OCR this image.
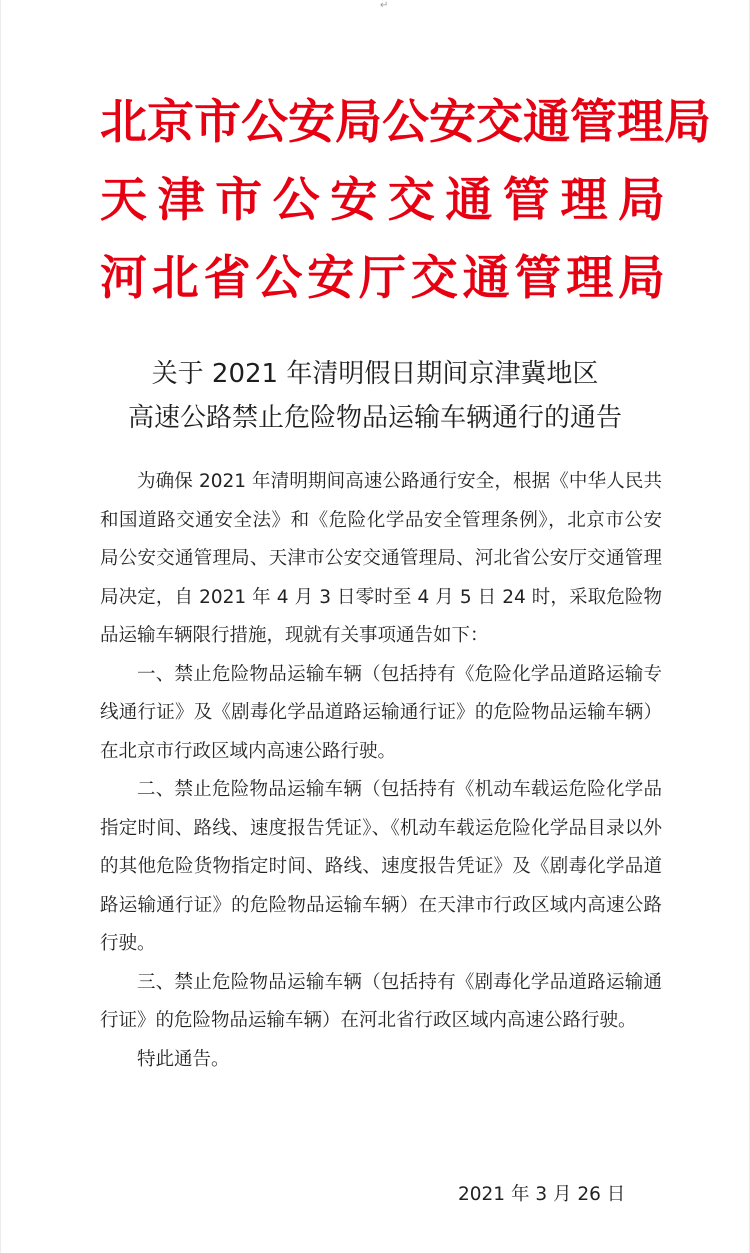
↵
北京市公安局公安交通管理局
天津市公安交通管理局
河北省公安厅交通管理局
关于 2021 年清明假日期间京津冀地区
高速公路禁止危险物品运输车辆通行的通告

为确保 2021 年清明期间高速公路通行安全，根据《中华人民共和国道路交通安全法》和《危险化学品安全管理条例》，北京市公安局公安交通管理局、天津市公安交通管理局、河北省公安厅交通管理局决定，自 2021 年 4 月 3 日零时至 4 月 5 日 24 时，采取危险物品运输车辆限行措施，现就有关事项通告如下：

一、禁止危险物品运输车辆（包括持有《危险化学品道路运输专线通行证》及《剧毒化学品道路运输通行证》的危险物品运输车辆）在北京市行政区域内高速公路行驶。

二、禁止危险物品运输车辆（包括持有《机动车载运危险化学品指定时间、路线、速度报告凭证》、《机动车载运危险化学品目录以外的其他危险货物指定时间、路线、速度报告凭证》及《剧毒化学品道路运输通行证》的危险物品运输车辆）在天津市行政区域内高速公路行驶。

三、禁止危险物品运输车辆（包括持有《剧毒化学品道路运输通行证》的危险物品运输车辆）在河北省行政区域内高速公路行驶。

特此通告。

2021 年 3 月 26 日
